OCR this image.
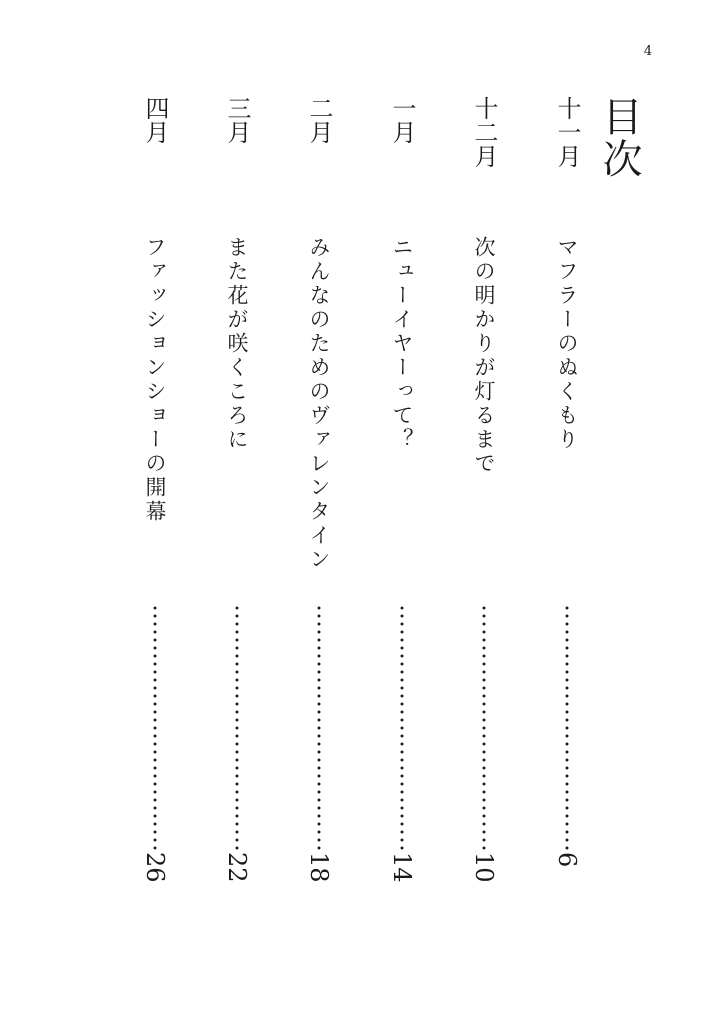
4
目次
十一月
マフラーのぬくもり
6
十二月
次の明かりが灯るまで
10
一月
ニューイヤーって？
14
二月
みんなのためのヴァレンタイン
18
三月
また花が咲くころに
22
四月
ファッションショーの開幕
26
